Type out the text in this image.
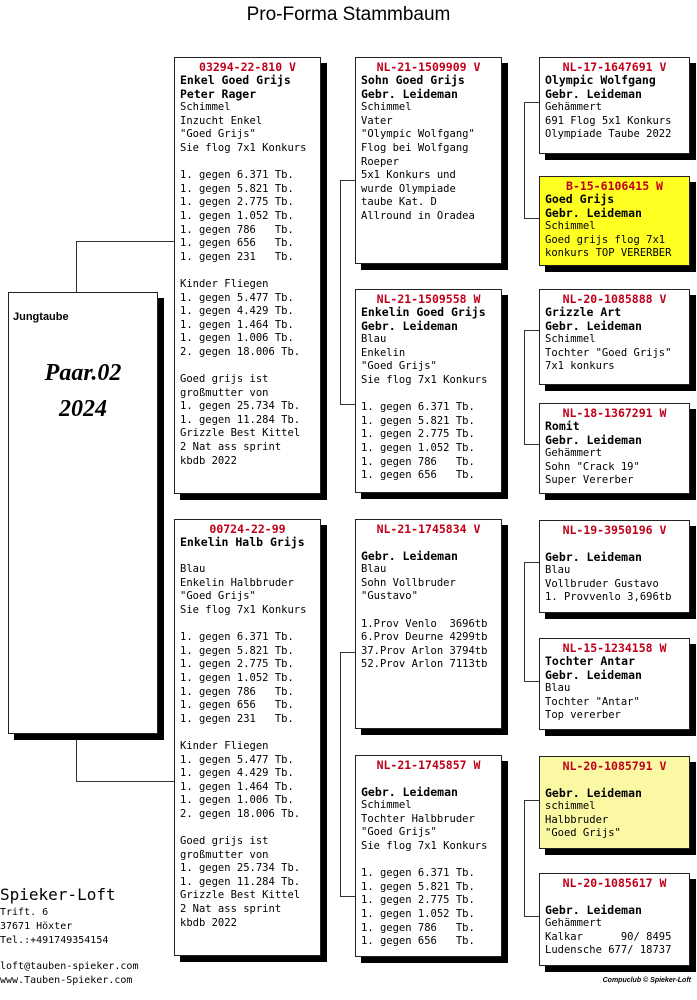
Pro-Forma Stammbaum
Jungtaube
Paar.02
2024
03294-22-810 V
Enkel Goed Grijs
Peter Rager
Schimmel
Inzucht Enkel
"Goed Grijs"
Sie flog 7x1 Konkurs
1. gegen 6.371 Tb.
1. gegen 5.821 Tb.
1. gegen 2.775 Tb.
1. gegen 1.052 Tb.
1. gegen 786   Tb.
1. gegen 656   Tb.
1. gegen 231   Tb.
Kinder Fliegen
1. gegen 5.477 Tb.
1. gegen 4.429 Tb.
1. gegen 1.464 Tb.
1. gegen 1.006 Tb.
2. gegen 18.006 Tb.
Goed grijs ist
großmutter von
1. gegen 25.734 Tb.
1. gegen 11.284 Tb.
Grizzle Best Kittel
2 Nat ass sprint
kbdb 2022
00724-22-99
Enkelin Halb Grijs
Blau
Enkelin Halbbruder
"Goed Grijs"
Sie flog 7x1 Konkurs
1. gegen 6.371 Tb.
1. gegen 5.821 Tb.
1. gegen 2.775 Tb.
1. gegen 1.052 Tb.
1. gegen 786   Tb.
1. gegen 656   Tb.
1. gegen 231   Tb.
Kinder Fliegen
1. gegen 5.477 Tb.
1. gegen 4.429 Tb.
1. gegen 1.464 Tb.
1. gegen 1.006 Tb.
2. gegen 18.006 Tb.
Goed grijs ist
großmutter von
1. gegen 25.734 Tb.
1. gegen 11.284 Tb.
Grizzle Best Kittel
2 Nat ass sprint
kbdb 2022
NL-21-1509909 V
Sohn Goed Grijs
Gebr. Leideman
Schimmel
Vater
"Olympic Wolfgang"
Flog bei Wolfgang
Roeper
5x1 Konkurs und
wurde Olympiade
taube Kat. D
Allround in Oradea
NL-21-1509558 W
Enkelin Goed Grijs
Gebr. Leideman
Blau
Enkelin
"Goed Grijs"
Sie flog 7x1 Konkurs
1. gegen 6.371 Tb.
1. gegen 5.821 Tb.
1. gegen 2.775 Tb.
1. gegen 1.052 Tb.
1. gegen 786   Tb.
1. gegen 656   Tb.
NL-21-1745834 V
Gebr. Leideman
Blau
Sohn Vollbruder
"Gustavo"
1.Prov Venlo  3696tb
6.Prov Deurne 4299tb
37.Prov Arlon 3794tb
52.Prov Arlon 7113tb
NL-21-1745857 W
Gebr. Leideman
Schimmel
Tochter Halbbruder
"Goed Grijs"
Sie flog 7x1 Konkurs
1. gegen 6.371 Tb.
1. gegen 5.821 Tb.
1. gegen 2.775 Tb.
1. gegen 1.052 Tb.
1. gegen 786   Tb.
1. gegen 656   Tb.
NL-17-1647691 V
Olympic Wolfgang
Gebr. Leideman
Gehämmert
691 Flog 5x1 Konkurs
Olympiade Taube 2022
B-15-6106415 W
Goed Grijs
Gebr. Leideman
Schimmel
Goed grijs flog 7x1
konkurs TOP VERERBER
NL-20-1085888 V
Grizzle Art
Gebr. Leideman
Schimmel
Tochter "Goed Grijs"
7x1 konkurs
NL-18-1367291 W
Romit
Gebr. Leideman
Gehämmert
Sohn "Crack 19"
Super Vererber
NL-19-3950196 V
Gebr. Leideman
Blau
Vollbruder Gustavo
1. Provvenlo 3,696tb
NL-15-1234158 W
Tochter Antar
Gebr. Leideman
Blau
Tochter "Antar"
Top vererber
NL-20-1085791 V
Gebr. Leideman
schimmel
Halbbruder
"Goed Grijs"
NL-20-1085617 W
Gebr. Leideman
Gehämmert
Kalkar      90/ 8495
Ludensche 677/ 18737
Spieker-Loft
Trift. 6
37671 Höxter
Tel.:+491749354154
loft@tauben-spieker.com
www.Tauben-Spieker.com	Compuclub © Spieker-Loft
